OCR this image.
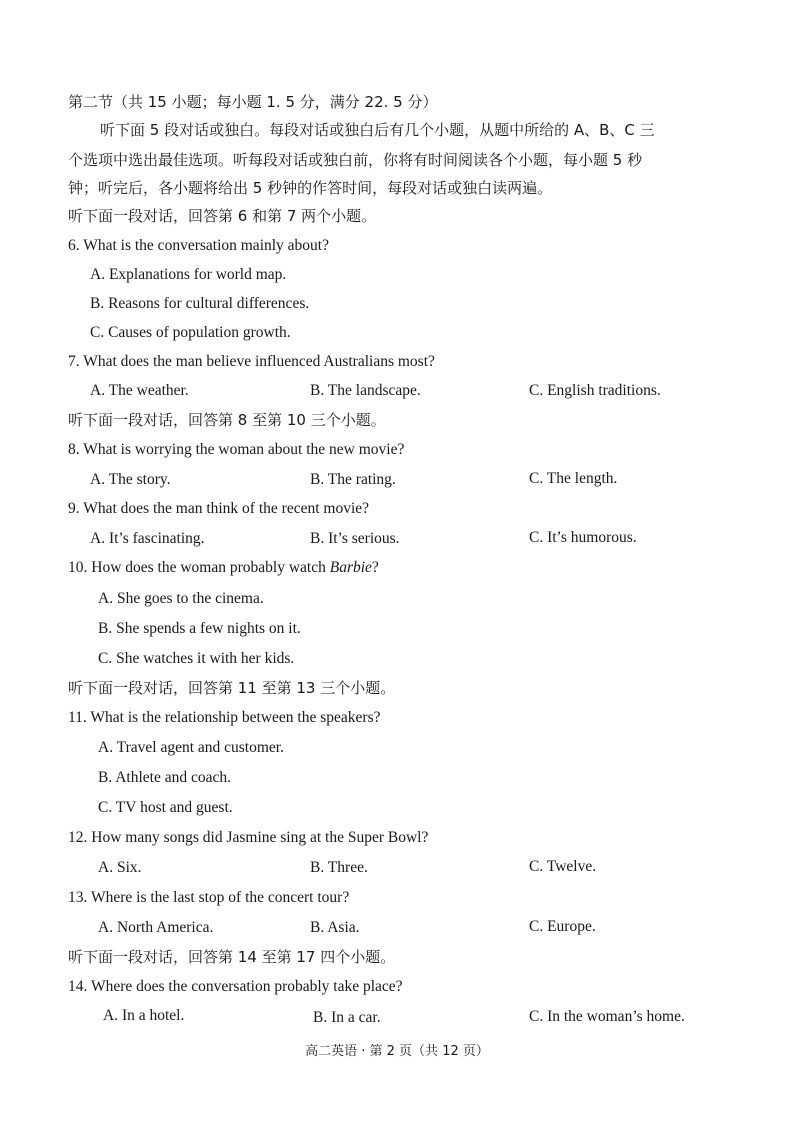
第二节（共 15 小题；每小题 1. 5 分，满分 22. 5 分）
听下面 5 段对话或独白。每段对话或独白后有几个小题，从题中所给的 A、B、C 三
个选项中选出最佳选项。听每段对话或独白前，你将有时间阅读各个小题，每小题 5 秒
钟；听完后，各小题将给出 5 秒钟的作答时间，每段对话或独白读两遍。
听下面一段对话，回答第 6 和第 7 两个小题。
6. What is the conversation mainly about?
A. Explanations for world map.
B. Reasons for cultural differences.
C. Causes of population growth.
7. What does the man believe influenced Australians most?
A. The weather.	B. The landscape.	C. English traditions.
听下面一段对话，回答第 8 至第 10 三个小题。
8. What is worrying the woman about the new movie?
A. The story.	B. The rating.	C. The length.
9. What does the man think of the recent movie?
A. It’s fascinating.	B. It’s serious.	C. It’s humorous.
10. How does the woman probably watch Barbie?
A. She goes to the cinema.
B. She spends a few nights on it.
C. She watches it with her kids.
听下面一段对话，回答第 11 至第 13 三个小题。
11. What is the relationship between the speakers?
A. Travel agent and customer.
B. Athlete and coach.
C. TV host and guest.
12. How many songs did Jasmine sing at the Super Bowl?
A. Six.	B. Three.	C. Twelve.
13. Where is the last stop of the concert tour?
A. North America.	B. Asia.	C. Europe.
听下面一段对话，回答第 14 至第 17 四个小题。
14. Where does the conversation probably take place?
A. In a hotel.	B. In a car.	C. In the woman’s home.
高二英语 · 第 2 页（共 12 页）
